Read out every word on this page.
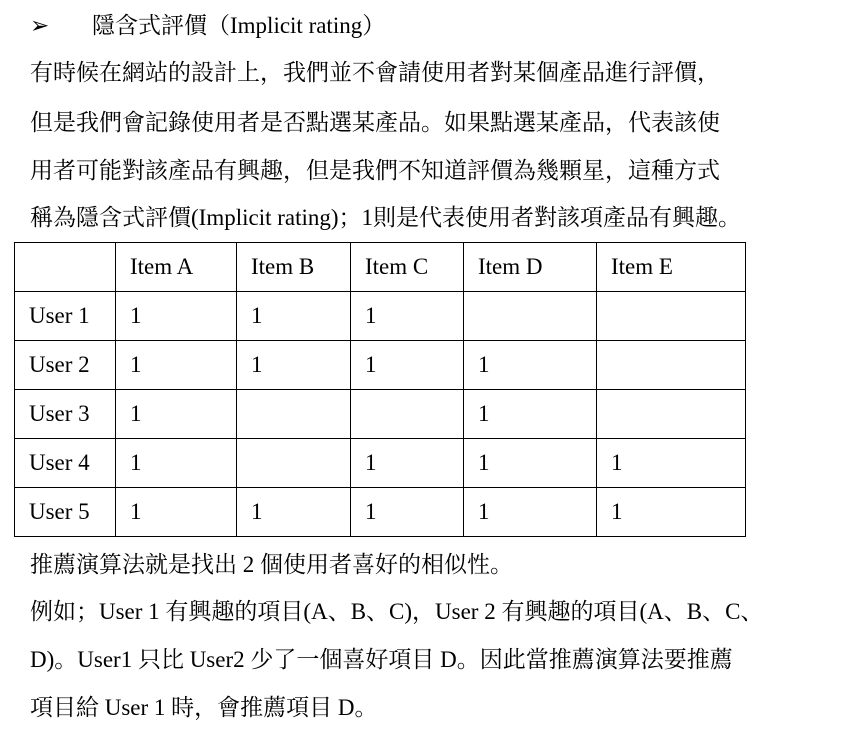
➢ 隱含式評價（Implicit rating）
有時候在網站的設計上，我們並不會請使用者對某個產品進行評價，
但是我們會記錄使用者是否點選某產品。如果點選某產品，代表該使
用者可能對該產品有興趣，但是我們不知道評價為幾顆星，這種方式
稱為隱含式評價(Implicit rating)；1則是代表使用者對該項產品有興趣。
	Item A	Item B	Item C	Item D	Item E
User 1	1	1	1		
User 2	1	1	1	1	
User 3	1			1	
User 4	1		1	1	1
User 5	1	1	1	1	1
推薦演算法就是找出 2 個使用者喜好的相似性。
例如；User 1 有興趣的項目(A、B、C)，User 2 有興趣的項目(A、B、C、
D)。User1 只比 User2 少了一個喜好項目 D。因此當推薦演算法要推薦
項目給 User 1 時，會推薦項目 D。
